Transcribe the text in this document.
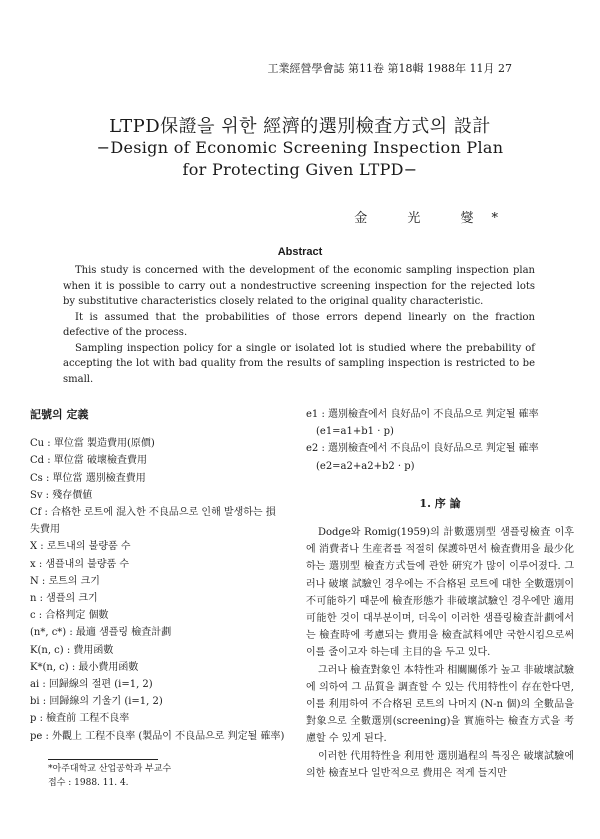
工業經營學會誌 第11卷 第18輯 1988年 11月 27
LTPD保證을 위한 經濟的選別檢査方式의 設計
−Design of Economic Screening Inspection Plan
for Protecting Given LTPD−
金 光 燮*
Abstract

This study is concerned with the development of the economic sampling inspection plan when it is possible to carry out a nondestructive screening inspection for the rejected lots by substitutive characteristics closely related to the original quality characteristic.

It is assumed that the probabilities of those errors depend linearly on the fraction defective of the process.

Sampling inspection policy for a single or isolated lot is studied where the prebability of accepting the lot with bad quality from the results of sampling inspection is restricted to be small.

記號의 定義
Cu : 單位當 製造費用(原價)
Cd : 單位當 破壞檢査費用
Cs : 單位當 選別檢査費用
Sv : 殘存價値
Cf : 合格한 로트에 混入한 不良品으로 인해 발생하는 損失費用
X : 로트내의 불량품 수
x : 샘플내의 불량품 수
N : 로트의 크기
n : 샘플의 크기
c : 合格判定 個數
(n*, c*) : 最適 샘플링 檢査計劃
K(n, c) : 費用函數
K*(n, c) : 最小費用函數
ai : 回歸線의 절편 (i=1, 2)
bi : 回歸線의 기울기 (i=1, 2)
p : 檢査前 工程不良率
pe : 外觀上 工程不良率 (製品이 不良品으로 判定될 確率)
*아주대학교 산업공학과 부교수
접수 : 1988. 11. 4.
e1 : 選別檢査에서 良好品이 不良品으로 判定될 確率 (e1=a1+b1 · p)
e2 : 選別檢査에서 不良品이 良好品으로 判定될 確率 (e2=a2+a2+b2 · p)
1. 序 論

Dodge와 Romig(1959)의 計數選別型 샘플링檢査 이후에 消費者나 生産者를 적절히 保護하면서 檢査費用을 最少化하는 選別型 檢査方式들에 관한 硏究가 많이 이루어졌다. 그러나 破壞 試驗인 경우에는 不合格된 로트에 대한 全數選別이 不可能하기 때문에 檢査形態가 非破壞試驗인 경우에만 適用可能한 것이 대부분이며, 더욱이 이러한 샘플링檢査計劃에서는 檢査時에 考慮되는 費用을 檢査試料에만 국한시킴으로써 이를 줄이고자 하는데 主目的을 두고 있다.

그러나 檢査對象인 本特性과 相關關係가 높고 非破壞試驗에 의하여 그 品質을 調査할 수 있는 代用特性이 存在한다면, 이를 利用하여 不合格된 로트의 나머지 (N-n 個)의 全數品을 對象으로 全數選別(screening)을 實施하는 檢査方式을 考慮할 수 있게 된다.

이러한 代用特性을 利用한 選別過程의 특징은 破壞試驗에 의한 檢査보다 일반적으로 費用은 적게 들지만
